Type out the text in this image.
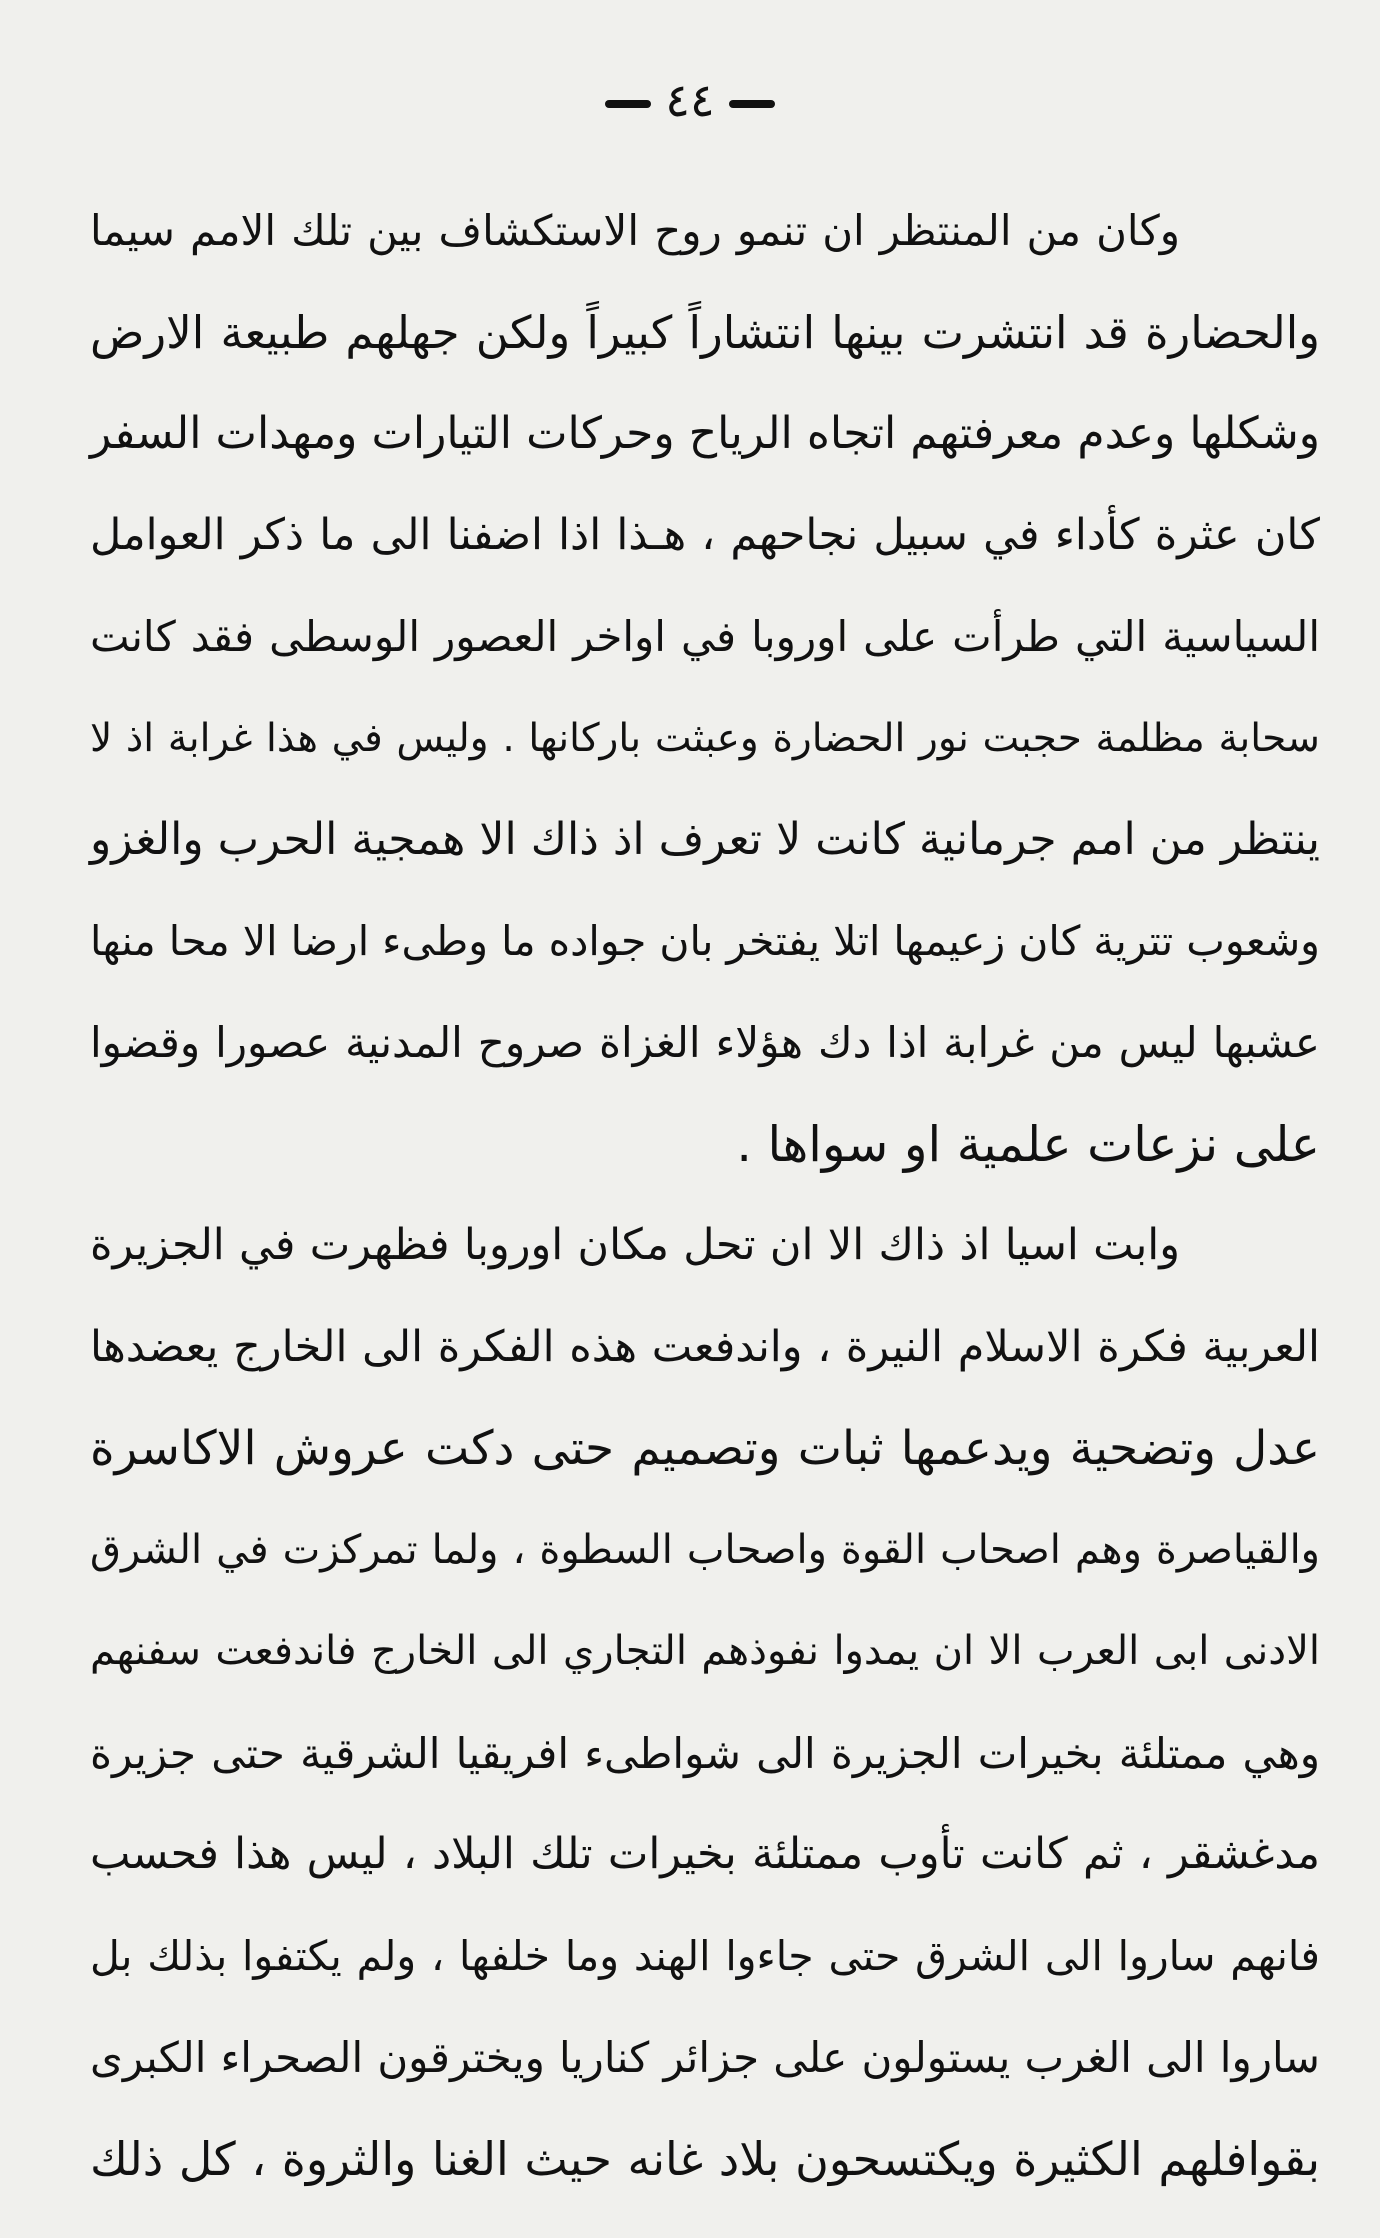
٤٤
وكان من المنتظر ان تنمو روح الاستكشاف بين تلك الامم سيما
والحضارة قد انتشرت بينها انتشاراً كبيراً ولكن جهلهم طبيعة الارض
وشكلها وعدم معرفتهم اتجاه الرياح وحركات التيارات ومهدات السفر
كان عثرة كأداء في سبيل نجاحهم ، هـذا اذا اضفنا الى ما ذكر العوامل
السياسية التي طرأت على اوروبا في اواخر العصور الوسطى فقد كانت
سحابة مظلمة حجبت نور الحضارة وعبثت باركانها . وليس في هذا غرابة اذ لا
ينتظر من امم جرمانية كانت لا تعرف اذ ذاك الا همجية الحرب والغزو
وشعوب تترية كان زعيمها اتلا يفتخر بان جواده ما وطىء ارضا الا محا منها
عشبها ليس من غرابة اذا دك هؤلاء الغزاة صروح المدنية عصورا وقضوا
على نزعات علمية او سواها .
وابت اسيا اذ ذاك الا ان تحل مكان اوروبا فظهرت في الجزيرة
العربية فكرة الاسلام النيرة ، واندفعت هذه الفكرة الى الخارج يعضدها
عدل وتضحية ويدعمها ثبات وتصميم حتى دكت عروش الاكاسرة
والقياصرة وهم اصحاب القوة واصحاب السطوة ، ولما تمركزت في الشرق
الادنى ابى العرب الا ان يمدوا نفوذهم التجاري الى الخارج فاندفعت سفنهم
وهي ممتلئة بخيرات الجزيرة الى شواطىء افريقيا الشرقية حتى جزيرة
مدغشقر ، ثم كانت تأوب ممتلئة بخيرات تلك البلاد ، ليس هذا فحسب
فانهم ساروا الى الشرق حتى جاءوا الهند وما خلفها ، ولم يكتفوا بذلك بل
ساروا الى الغرب يستولون على جزائر كناريا ويخترقون الصحراء الكبرى
بقوافلهم الكثيرة ويكتسحون بلاد غانه حيث الغنا والثروة ، كل ذلك
